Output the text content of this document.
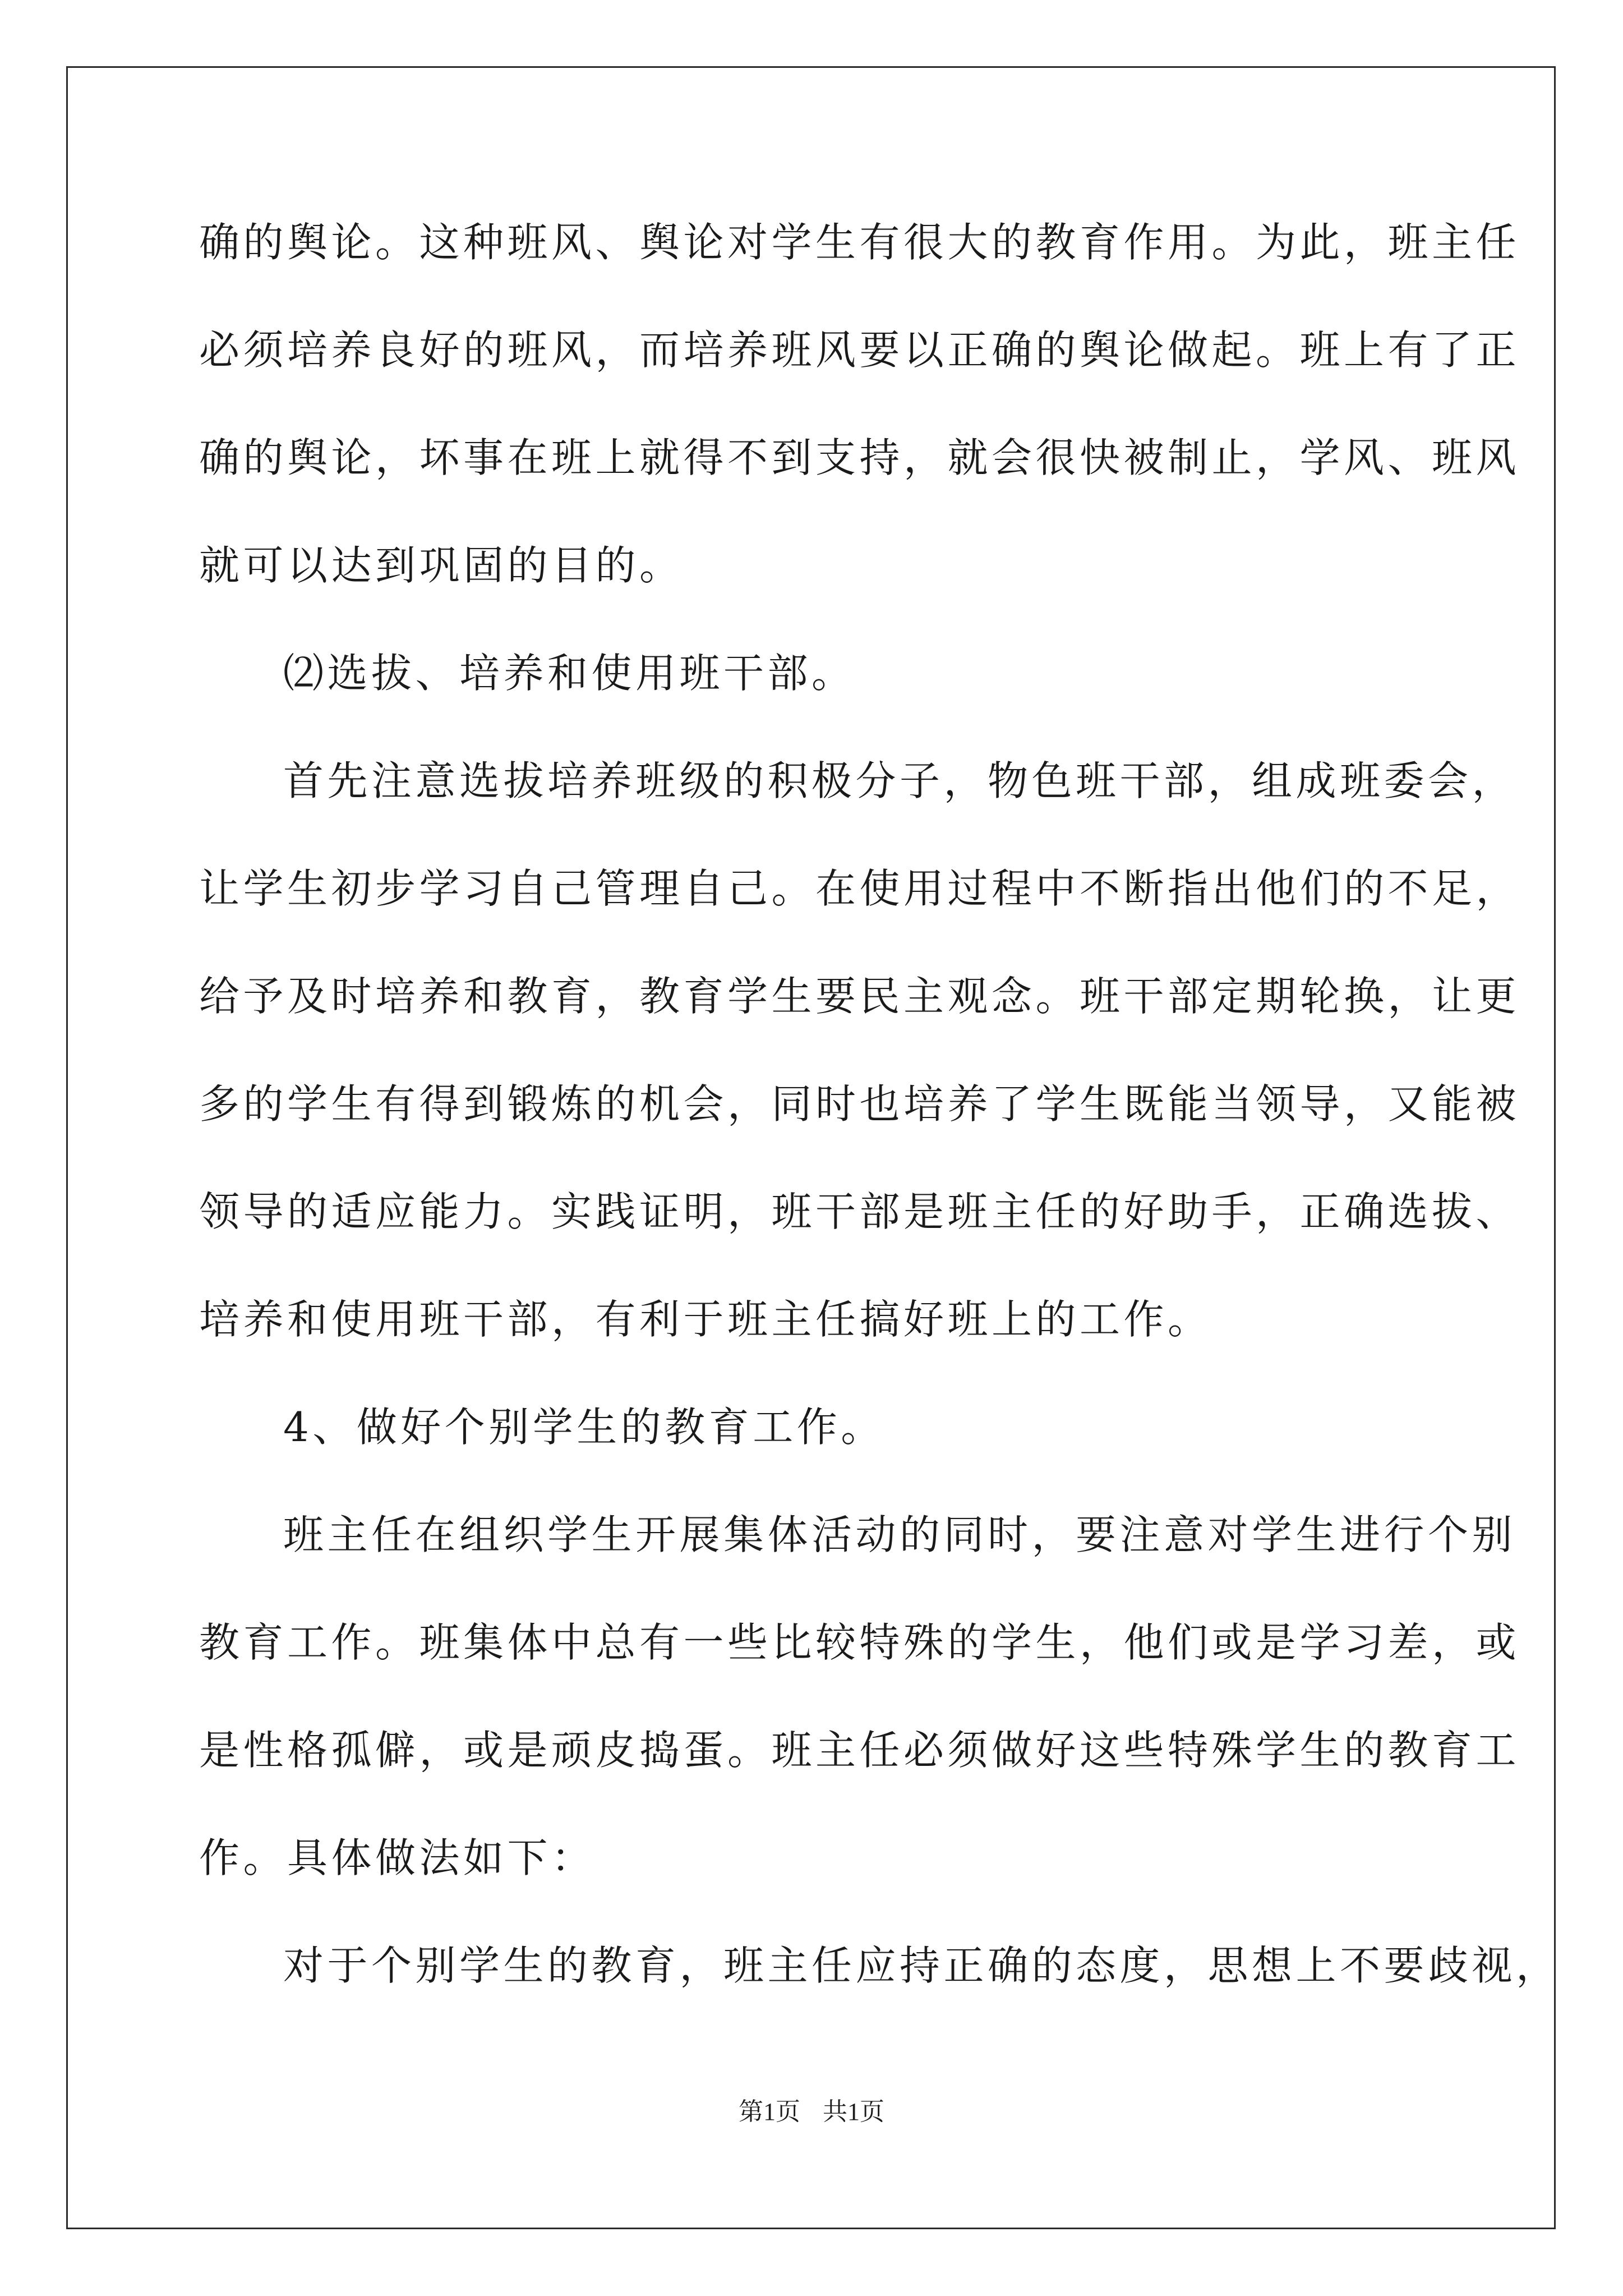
确的舆论。这种班风、舆论对学生有很大的教育作用。为此，班主任
必须培养良好的班风，而培养班风要以正确的舆论做起。班上有了正
确的舆论，坏事在班上就得不到支持，就会很快被制止，学风、班风
就可以达到巩固的目的。
⑵选拔、培养和使用班干部。
首先注意选拔培养班级的积极分子，物色班干部，组成班委会，
让学生初步学习自己管理自己。在使用过程中不断指出他们的不足，
给予及时培养和教育，教育学生要民主观念。班干部定期轮换，让更
多的学生有得到锻炼的机会，同时也培养了学生既能当领导，又能被
领导的适应能力。实践证明，班干部是班主任的好助手，正确选拔、
培养和使用班干部，有利于班主任搞好班上的工作。
4、做好个别学生的教育工作。
班主任在组织学生开展集体活动的同时，要注意对学生进行个别
教育工作。班集体中总有一些比较特殊的学生，他们或是学习差，或
是性格孤僻，或是顽皮捣蛋。班主任必须做好这些特殊学生的教育工
作。具体做法如下：
对于个别学生的教育，班主任应持正确的态度，思想上不要歧视，
第1页 共1页
